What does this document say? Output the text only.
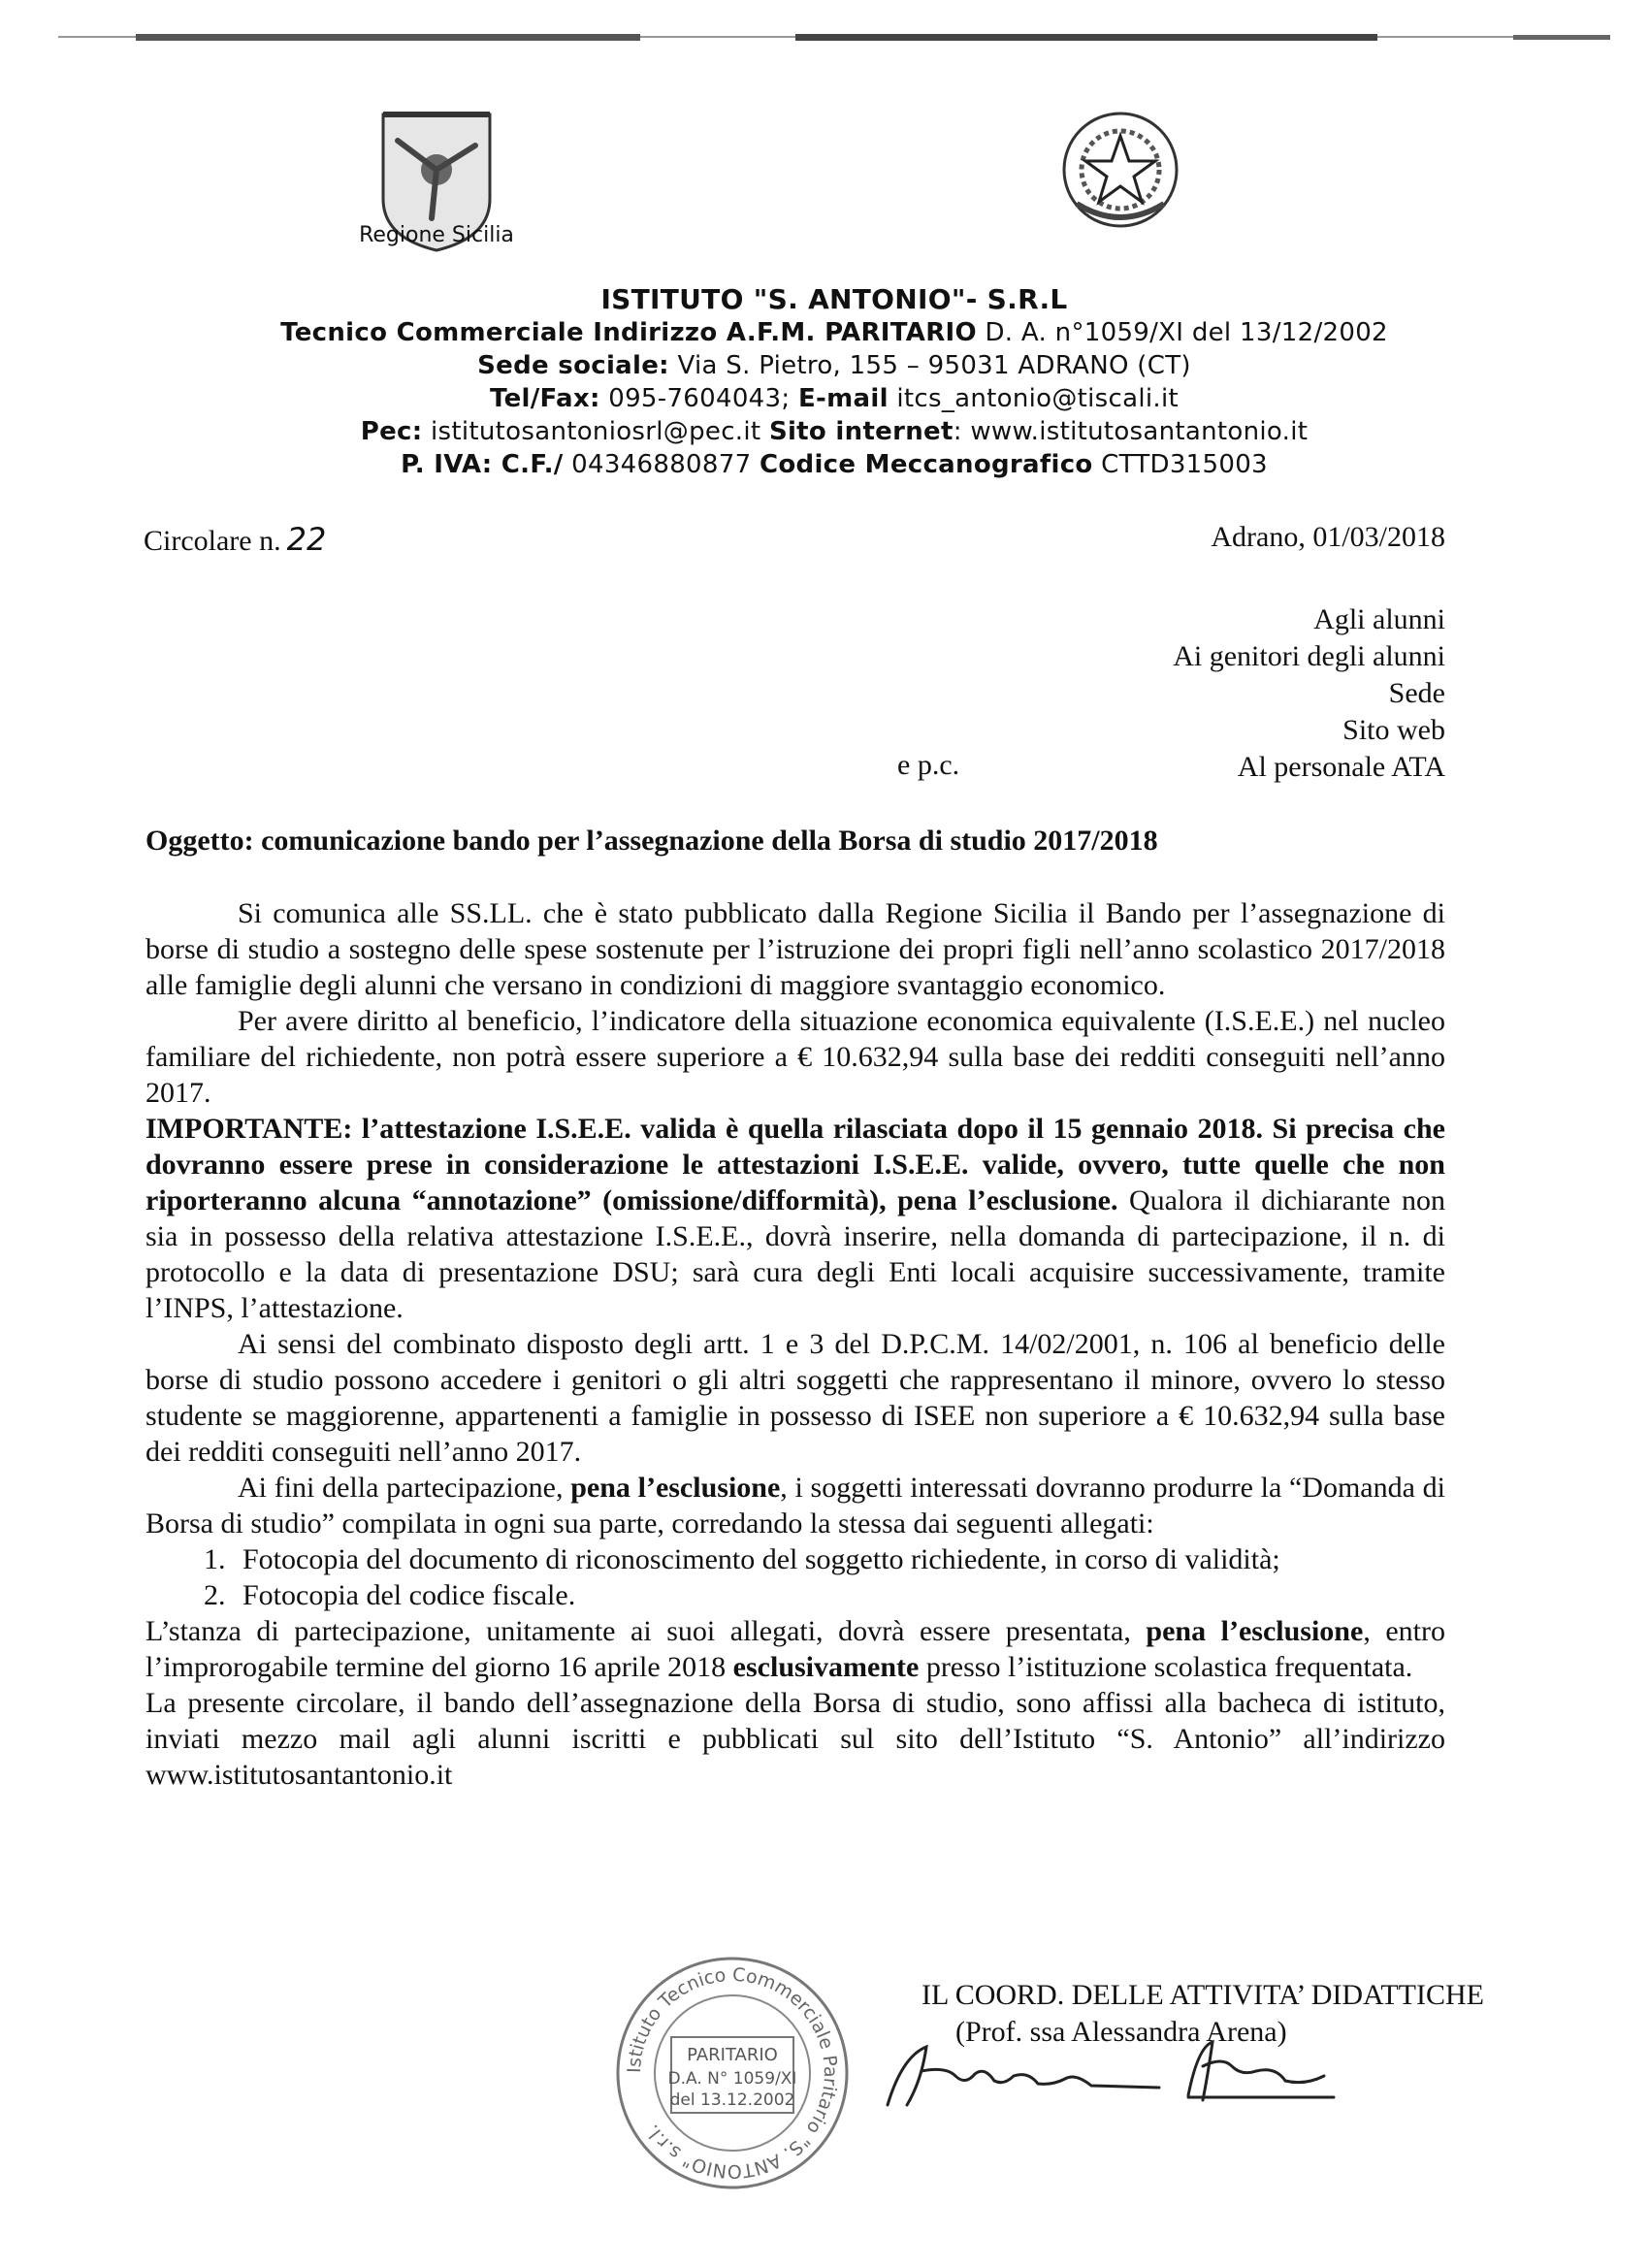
Regione Sicilia
ISTITUTO "S. ANTONIO"- S.R.L
Tecnico Commerciale Indirizzo A.F.M. PARITARIO D. A. n°1059/XI del 13/12/2002
Sede sociale: Via S. Pietro, 155 – 95031 ADRANO (CT)
Tel/Fax: 095-7604043; E-mail itcs_antonio@tiscali.it
Pec: istitutosantoniosrl@pec.it Sito internet: www.istitutosantantonio.it
P. IVA: C.F./ 04346880877 Codice Meccanografico CTTD315003
Circolare n. 22	Adrano, 01/03/2018
Agli alunni
Ai genitori degli alunni
Sede
Sito web
Al personale ATA
e p.c.
Oggetto: comunicazione bando per l’assegnazione della Borsa di studio 2017/2018

Si comunica alle SS.LL. che è stato pubblicato dalla Regione Sicilia il Bando per l’assegnazione di borse di studio a sostegno delle spese sostenute per l’istruzione dei propri figli nell’anno scolastico 2017/2018 alle famiglie degli alunni che versano in condizioni di maggiore svantaggio economico.

Per avere diritto al beneficio, l’indicatore della situazione economica equivalente (I.S.E.E.) nel nucleo familiare del richiedente, non potrà essere superiore a € 10.632,94 sulla base dei redditi conseguiti nell’anno 2017.

IMPORTANTE: l’attestazione I.S.E.E. valida è quella rilasciata dopo il 15 gennaio 2018. Si precisa che dovranno essere prese in considerazione le attestazioni I.S.E.E. valide, ovvero, tutte quelle che non riporteranno alcuna “annotazione” (omissione/difformità), pena l’esclusione. Qualora il dichiarante non sia in possesso della relativa attestazione I.S.E.E., dovrà inserire, nella domanda di partecipazione, il n. di protocollo e la data di presentazione DSU; sarà cura degli Enti locali acquisire successivamente, tramite l’INPS, l’attestazione.

Ai sensi del combinato disposto degli artt. 1 e 3 del D.P.C.M. 14/02/2001, n. 106 al beneficio delle borse di studio possono accedere i genitori o gli altri soggetti che rappresentano il minore, ovvero lo stesso studente se maggiorenne, appartenenti a famiglie in possesso di ISEE non superiore a € 10.632,94 sulla base dei redditi conseguiti nell’anno 2017.

Ai fini della partecipazione, pena l’esclusione, i soggetti interessati dovranno produrre la “Domanda di Borsa di studio” compilata in ogni sua parte, corredando la stessa dai seguenti allegati:

1. Fotocopia del documento di riconoscimento del soggetto richiedente, in corso di validità;
2. Fotocopia del codice fiscale.

L’stanza di partecipazione, unitamente ai suoi allegati, dovrà essere presentata, pena l’esclusione, entro l’improrogabile termine del giorno 16 aprile 2018 esclusivamente presso l’istituzione scolastica frequentata.

La presente circolare, il bando dell’assegnazione della Borsa di studio, sono affissi alla bacheca di istituto, inviati mezzo mail agli alunni iscritti e pubblicati sul sito dell’Istituto “S. Antonio” all’indirizzo www.istitutosantantonio.it

Istituto Tecnico Commerciale Paritario "S. ANTONIO" s.r.l.
PARITARIO
D.A. N° 1059/XI
del 13.12.2002
IL COORD. DELLE ATTIVITA’ DIDATTICHE
(Prof. ssa Alessandra Arena)
